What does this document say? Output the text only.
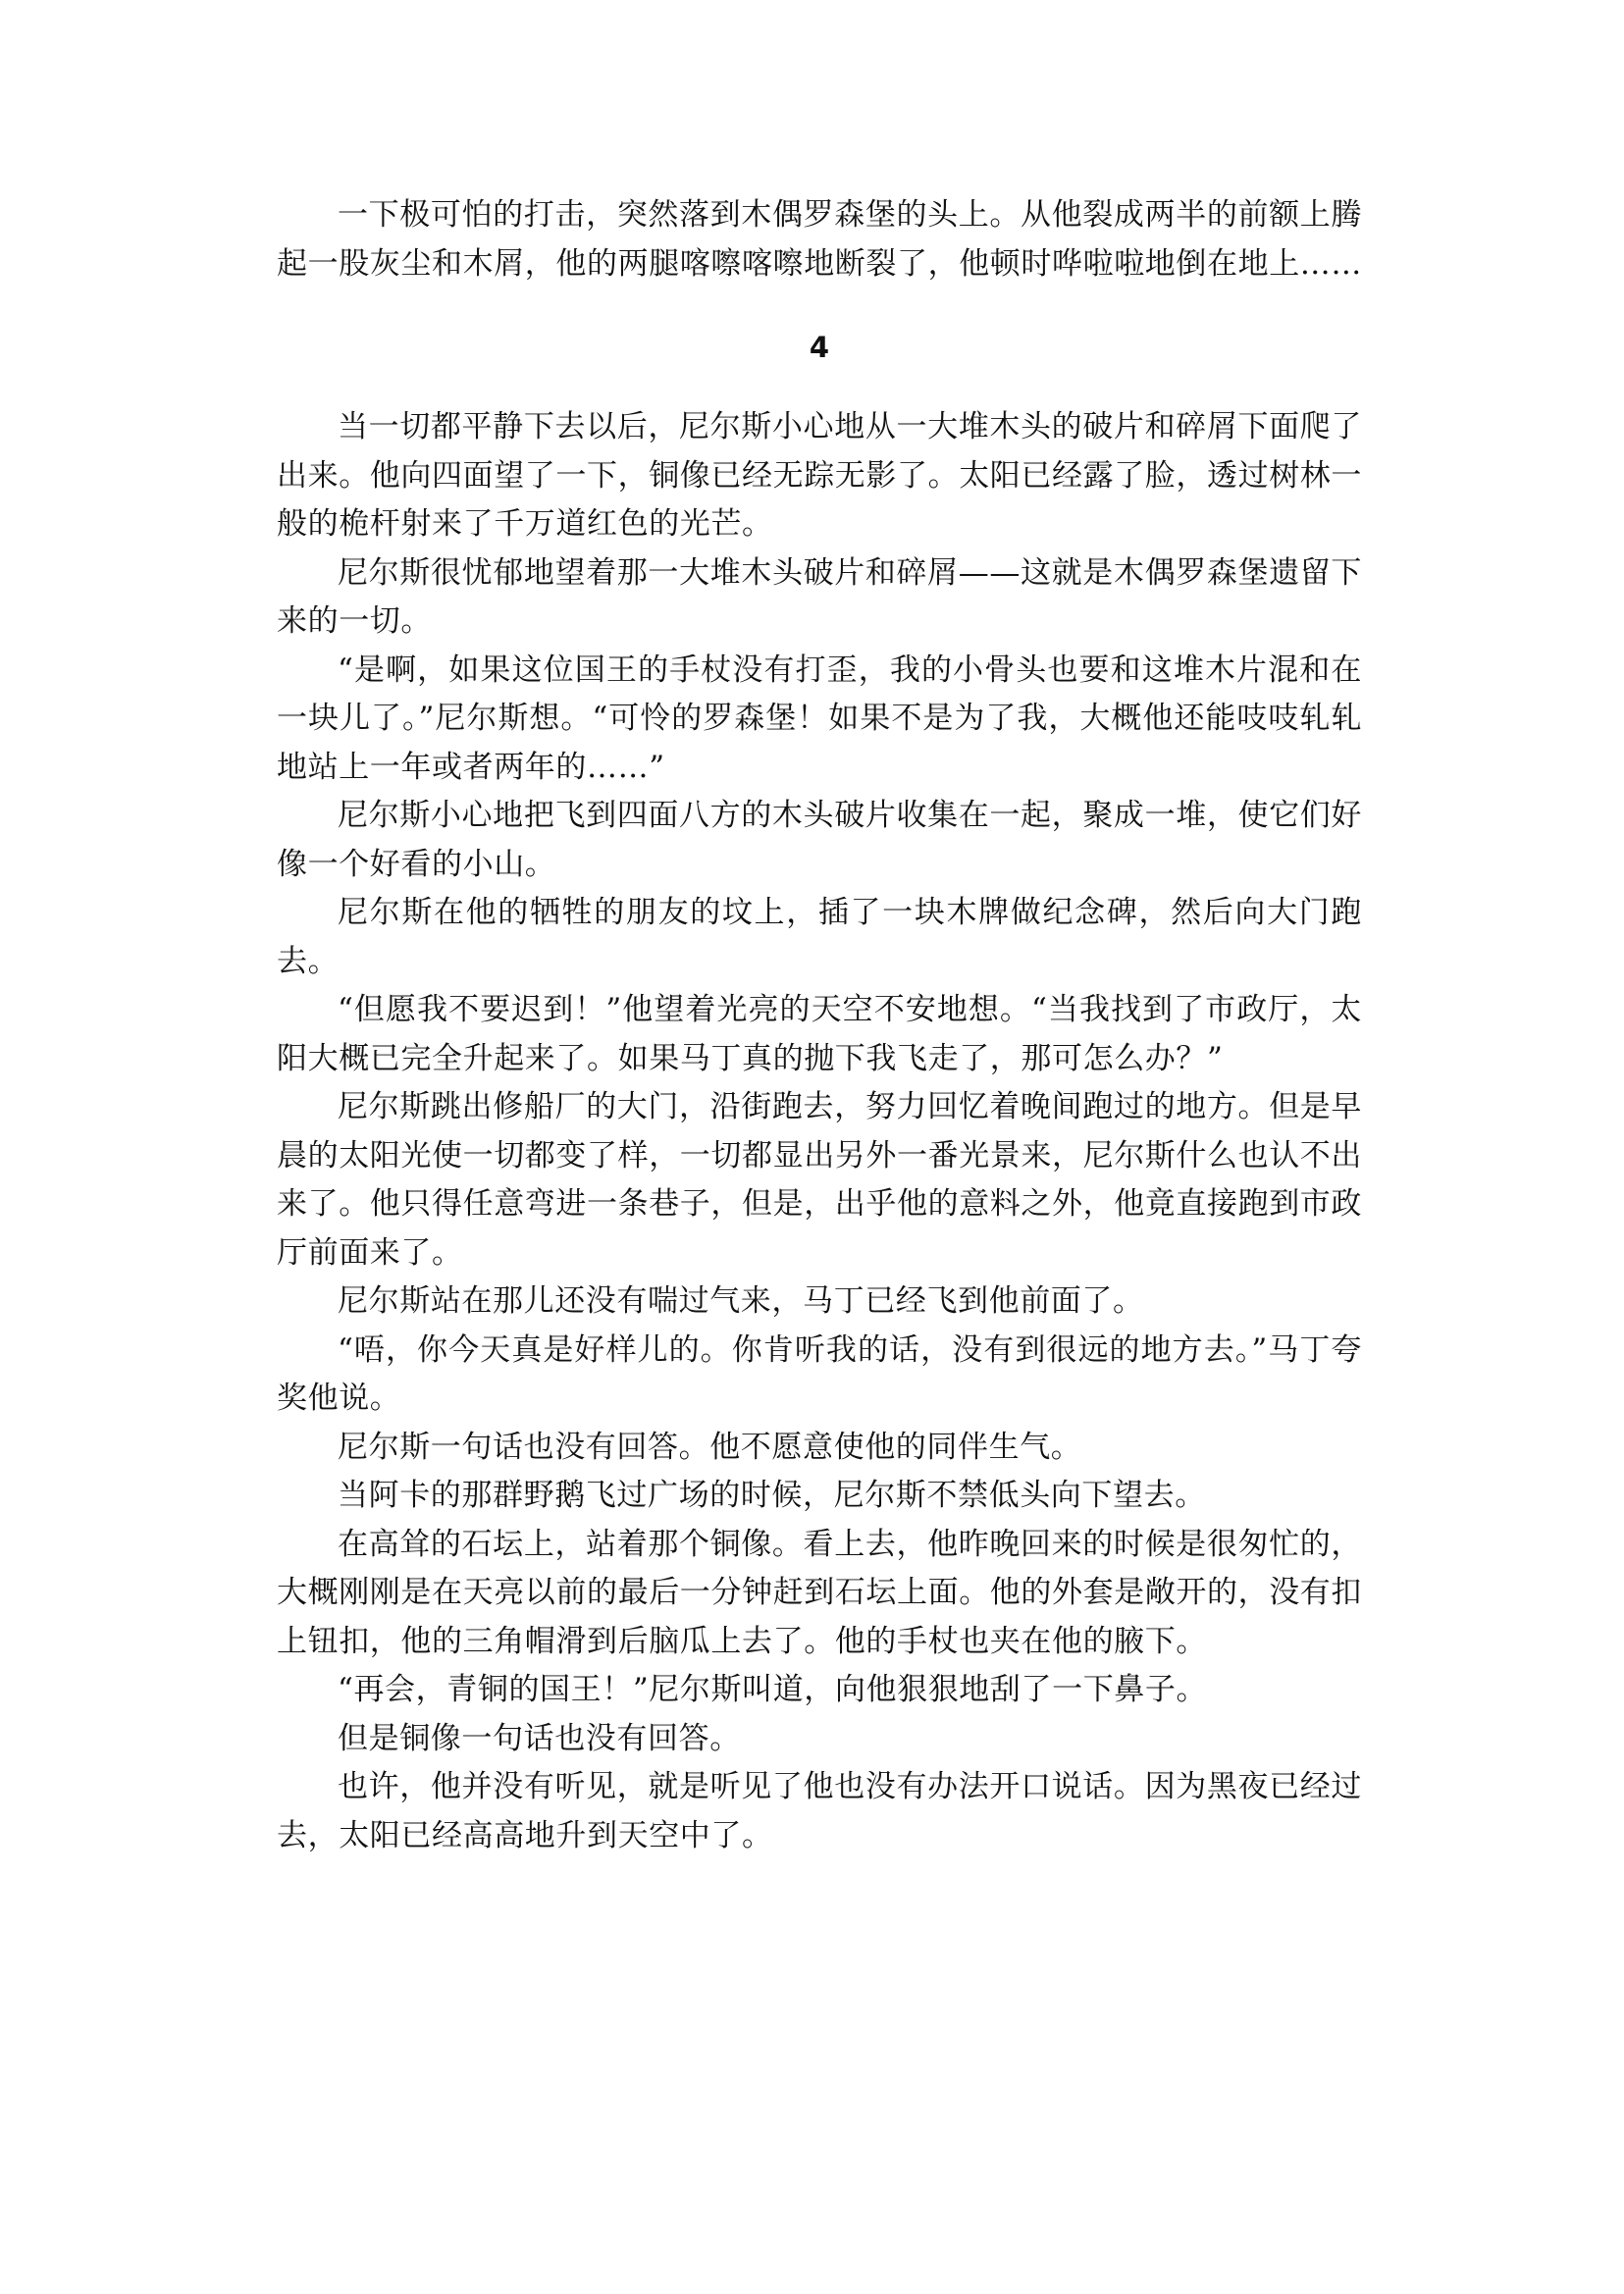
一下极可怕的打击，突然落到木偶罗森堡的头上。从他裂成两半的前额上腾起一股灰尘和木屑，他的两腿喀嚓喀嚓地断裂了，他顿时哗啦啦地倒在地上……

4

当一切都平静下去以后，尼尔斯小心地从一大堆木头的破片和碎屑下面爬了出来。他向四面望了一下，铜像已经无踪无影了。太阳已经露了脸，透过树林一般的桅杆射来了千万道红色的光芒。

尼尔斯很忧郁地望着那一大堆木头破片和碎屑——这就是木偶罗森堡遗留下来的一切。

“是啊，如果这位国王的手杖没有打歪，我的小骨头也要和这堆木片混和在一块儿了。”尼尔斯想。“可怜的罗森堡！如果不是为了我，大概他还能吱吱轧轧地站上一年或者两年的……”

尼尔斯小心地把飞到四面八方的木头破片收集在一起，聚成一堆，使它们好像一个好看的小山。

尼尔斯在他的牺牲的朋友的坟上，插了一块木牌做纪念碑，然后向大门跑去。

“但愿我不要迟到！”他望着光亮的天空不安地想。“当我找到了市政厅，太阳大概已完全升起来了。如果马丁真的抛下我飞走了，那可怎么办？”

尼尔斯跳出修船厂的大门，沿街跑去，努力回忆着晚间跑过的地方。但是早晨的太阳光使一切都变了样，一切都显出另外一番光景来，尼尔斯什么也认不出来了。他只得任意弯进一条巷子，但是，出乎他的意料之外，他竟直接跑到市政厅前面来了。

尼尔斯站在那儿还没有喘过气来，马丁已经飞到他前面了。

“唔，你今天真是好样儿的。你肯听我的话，没有到很远的地方去。”马丁夸奖他说。

尼尔斯一句话也没有回答。他不愿意使他的同伴生气。

当阿卡的那群野鹅飞过广场的时候，尼尔斯不禁低头向下望去。

在高耸的石坛上，站着那个铜像。看上去，他昨晚回来的时候是很匆忙的，大概刚刚是在天亮以前的最后一分钟赶到石坛上面。他的外套是敞开的，没有扣上钮扣，他的三角帽滑到后脑瓜上去了。他的手杖也夹在他的腋下。

“再会，青铜的国王！”尼尔斯叫道，向他狠狠地刮了一下鼻子。

但是铜像一句话也没有回答。

也许，他并没有听见，就是听见了他也没有办法开口说话。因为黑夜已经过去，太阳已经高高地升到天空中了。
